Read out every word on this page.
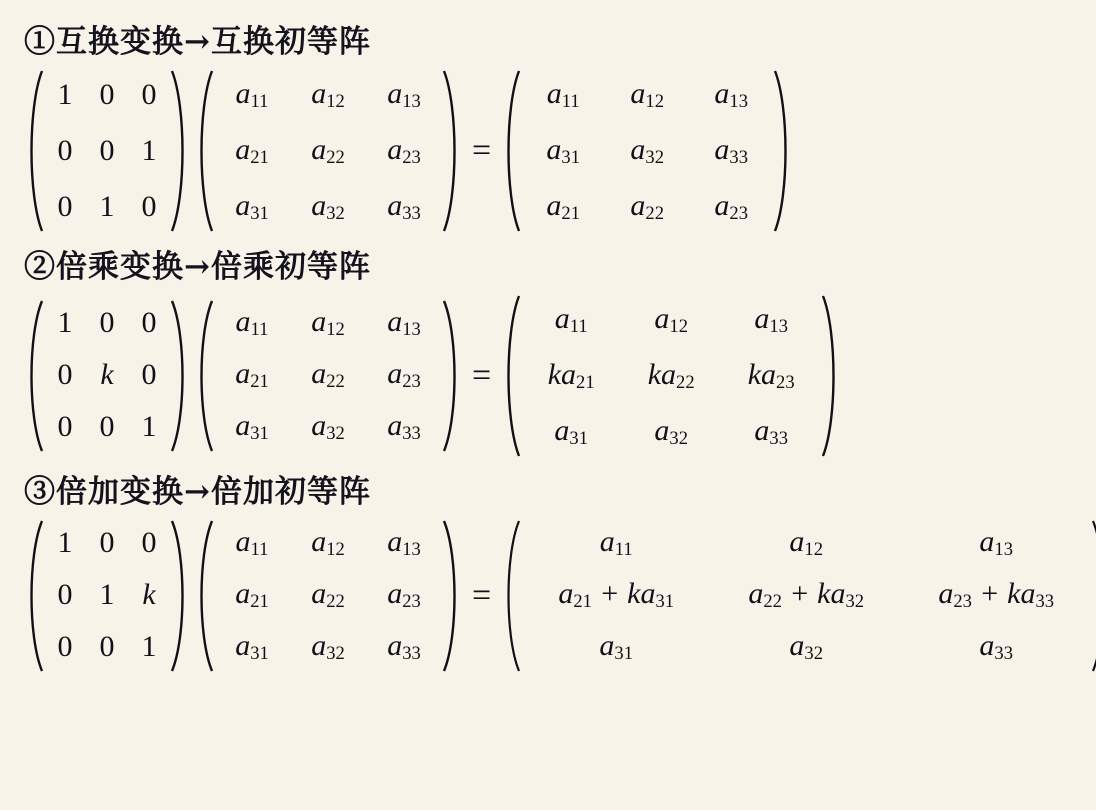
①互换变换→互换初等阵
1 0 0
0 0 1
0 1 0
$a_{11}$ $a_{12}$ $a_{13}$
$a_{21}$ $a_{22}$ $a_{23}$
$a_{31}$ $a_{32}$ $a_{33}$
=
$a_{11}$ $a_{12}$ $a_{13}$
$a_{31}$ $a_{32}$ $a_{33}$
$a_{21}$ $a_{22}$ $a_{23}$
②倍乘变换→倍乘初等阵
1 0 0
0 k 0
0 0 1
$a_{11}$ $a_{12}$ $a_{13}$
$a_{21}$ $a_{22}$ $a_{23}$
$a_{31}$ $a_{32}$ $a_{33}$
=
$a_{11}$ $a_{12}$ $a_{13}$
$ka_{21}$ $ka_{22}$ $ka_{23}$
$a_{31}$ $a_{32}$ $a_{33}$
③倍加变换→倍加初等阵
1 0 0
0 1 k
0 0 1
$a_{11}$ $a_{12}$ $a_{13}$
$a_{21}$ $a_{22}$ $a_{23}$
$a_{31}$ $a_{32}$ $a_{33}$
=
$a_{11}$	$a_{12}$	$a_{13}$
$a_{21} + ka_{31}$ $a_{22} + ka_{32}$ $a_{23} + ka_{33}$
$a_{31}$	$a_{32}$	$a_{33}$
